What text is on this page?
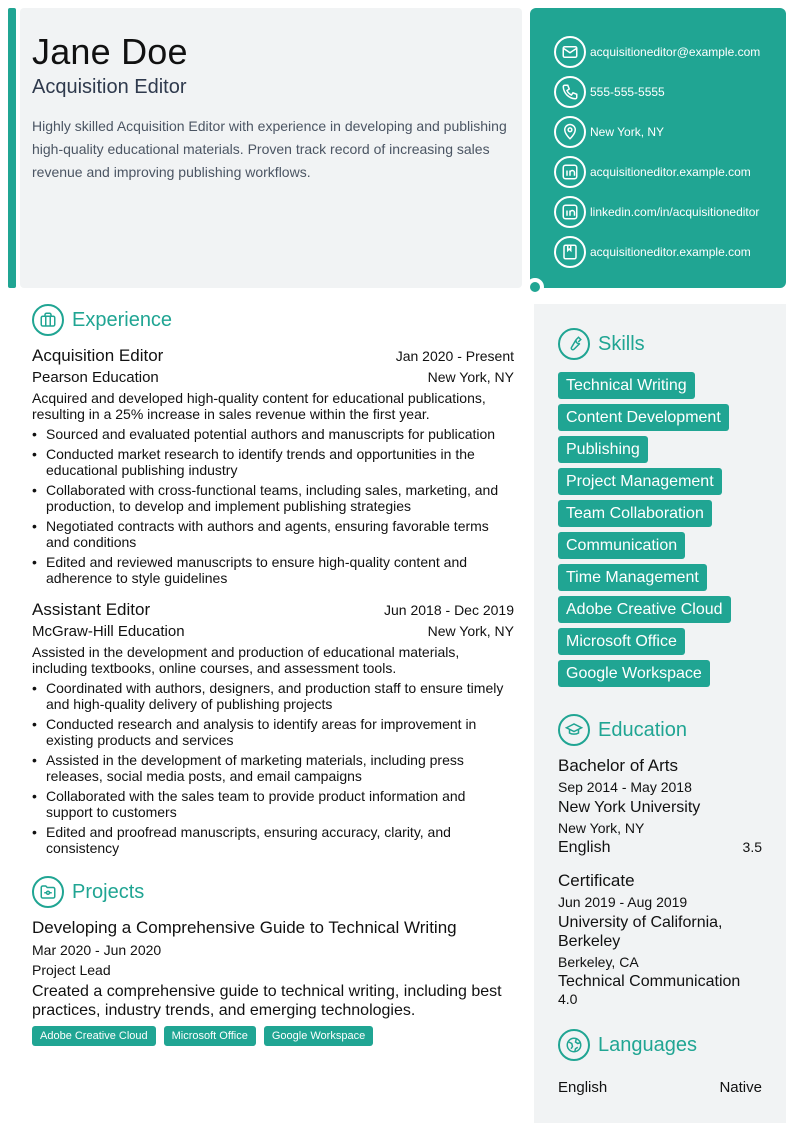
Jane Doe
Acquisition Editor
Highly skilled Acquisition Editor with experience in developing and publishing high-quality educational materials. Proven track record of increasing sales revenue and improving publishing workflows.
acquisitioneditor@example.com
555-555-5555
New York, NY
acquisitioneditor.example.com
linkedin.com/in/acquisitioneditor
acquisitioneditor.example.com
Experience
Acquisition Editor	Jan 2020 - Present
Pearson Education	New York, NY
Acquired and developed high-quality content for educational publications, resulting in a 25% increase in sales revenue within the first year.
• Sourced and evaluated potential authors and manuscripts for publication
• Conducted market research to identify trends and opportunities in the educational publishing industry
• Collaborated with cross-functional teams, including sales, marketing, and production, to develop and implement publishing strategies
• Negotiated contracts with authors and agents, ensuring favorable terms and conditions
• Edited and reviewed manuscripts to ensure high-quality content and adherence to style guidelines
Assistant Editor	Jun 2018 - Dec 2019
McGraw-Hill Education	New York, NY
Assisted in the development and production of educational materials, including textbooks, online courses, and assessment tools.
• Coordinated with authors, designers, and production staff to ensure timely and high-quality delivery of publishing projects
• Conducted research and analysis to identify areas for improvement in existing products and services
• Assisted in the development of marketing materials, including press releases, social media posts, and email campaigns
• Collaborated with the sales team to provide product information and support to customers
• Edited and proofread manuscripts, ensuring accuracy, clarity, and consistency
Projects
Developing a Comprehensive Guide to Technical Writing
Mar 2020 - Jun 2020
Project Lead
Created a comprehensive guide to technical writing, including best practices, industry trends, and emerging technologies.
Adobe Creative Cloud	Microsoft Office	Google Workspace
Skills
Technical Writing
Content Development
Publishing
Project Management
Team Collaboration
Communication
Time Management
Adobe Creative Cloud
Microsoft Office
Google Workspace
Education
Bachelor of Arts
Sep 2014 - May 2018
New York University
New York, NY
English	3.5
Certificate
Jun 2019 - Aug 2019
University of California, Berkeley
Berkeley, CA
Technical Communication
4.0
Languages
English	Native
